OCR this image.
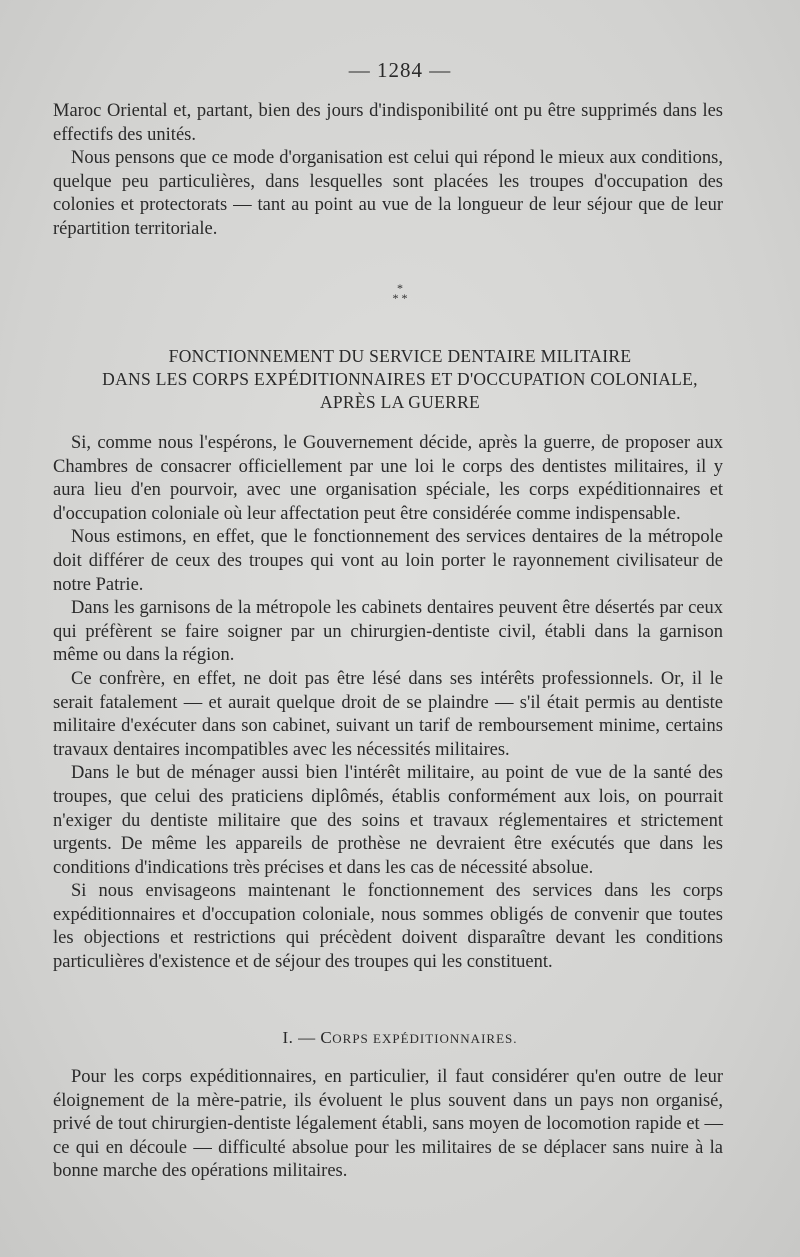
— 1284 —

Maroc Oriental et, partant, bien des jours d'indisponibilité ont pu être supprimés dans les effectifs des unités.

Nous pensons que ce mode d'organisation est celui qui répond le mieux aux conditions, quelque peu particulières, dans lesquelles sont placées les troupes d'occupation des colonies et protectorats — tant au point au vue de la longueur de leur séjour que de leur répartition territoriale.

*
* *
FONCTIONNEMENT DU SERVICE DENTAIRE MILITAIRE
DANS LES CORPS EXPÉDITIONNAIRES ET D'OCCUPATION COLONIALE,
APRÈS LA GUERRE

Si, comme nous l'espérons, le Gouvernement décide, après la guerre, de proposer aux Chambres de consacrer officiellement par une loi le corps des dentistes militaires, il y aura lieu d'en pourvoir, avec une organisation spéciale, les corps expéditionnaires et d'occupation coloniale où leur affectation peut être considérée comme indispensable.

Nous estimons, en effet, que le fonctionnement des services dentaires de la métropole doit différer de ceux des troupes qui vont au loin porter le rayonnement civilisateur de notre Patrie.

Dans les garnisons de la métropole les cabinets dentaires peuvent être désertés par ceux qui préfèrent se faire soigner par un chirurgien-dentiste civil, établi dans la garnison même ou dans la région.

Ce confrère, en effet, ne doit pas être lésé dans ses intérêts professionnels. Or, il le serait fatalement — et aurait quelque droit de se plaindre — s'il était permis au dentiste militaire d'exécuter dans son cabinet, suivant un tarif de remboursement minime, certains travaux dentaires incompatibles avec les nécessités militaires.

Dans le but de ménager aussi bien l'intérêt militaire, au point de vue de la santé des troupes, que celui des praticiens diplômés, établis conformément aux lois, on pourrait n'exiger du dentiste militaire que des soins et travaux réglementaires et strictement urgents. De même les appareils de prothèse ne devraient être exécutés que dans les conditions d'indications très précises et dans les cas de nécessité absolue.

Si nous envisageons maintenant le fonctionnement des services dans les corps expéditionnaires et d'occupation coloniale, nous sommes obligés de convenir que toutes les objections et restrictions qui précèdent doivent disparaître devant les conditions particulières d'existence et de séjour des troupes qui les constituent.

I. — CORPS EXPÉDITIONNAIRES.

Pour les corps expéditionnaires, en particulier, il faut considérer qu'en outre de leur éloignement de la mère-patrie, ils évoluent le plus souvent dans un pays non organisé, privé de tout chirurgien-dentiste légalement établi, sans moyen de locomotion rapide et — ce qui en découle — difficulté absolue pour les militaires de se déplacer sans nuire à la bonne marche des opérations militaires.
